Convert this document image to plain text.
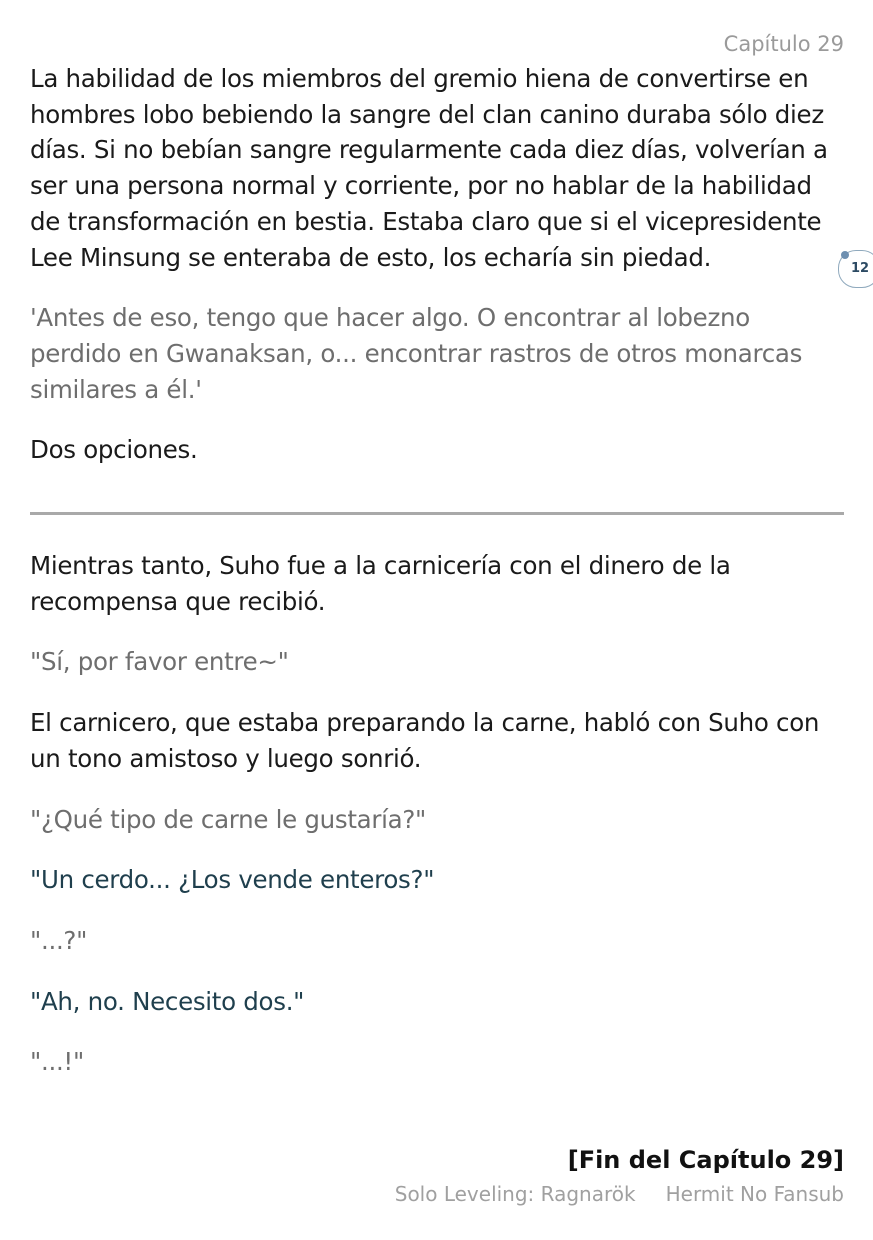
Capítulo 29

La habilidad de los miembros del gremio hiena de convertirse en hombres lobo bebiendo la sangre del clan canino duraba sólo diez días. Si no bebían sangre regularmente cada diez días, volverían a ser una persona normal y corriente, por no hablar de la habilidad de transformación en bestia. Estaba claro que si el vicepresidente Lee Minsung se enteraba de esto, los echaría sin piedad.

'Antes de eso, tengo que hacer algo. O encontrar al lobezno perdido en Gwanaksan, o... encontrar rastros de otros monarcas similares a él.'

Dos opciones.

Mientras tanto, Suho fue a la carnicería con el dinero de la recompensa que recibió.

"Sí, por favor entre~"

El carnicero, que estaba preparando la carne, habló con Suho con un tono amistoso y luego sonrió.

"¿Qué tipo de carne le gustaría?"

"Un cerdo... ¿Los vende enteros?"

"...?"

"Ah, no. Necesito dos."

"...!"

[Fin del Capítulo 29]
Solo Leveling: Ragnarök Hermit No Fansub
12
